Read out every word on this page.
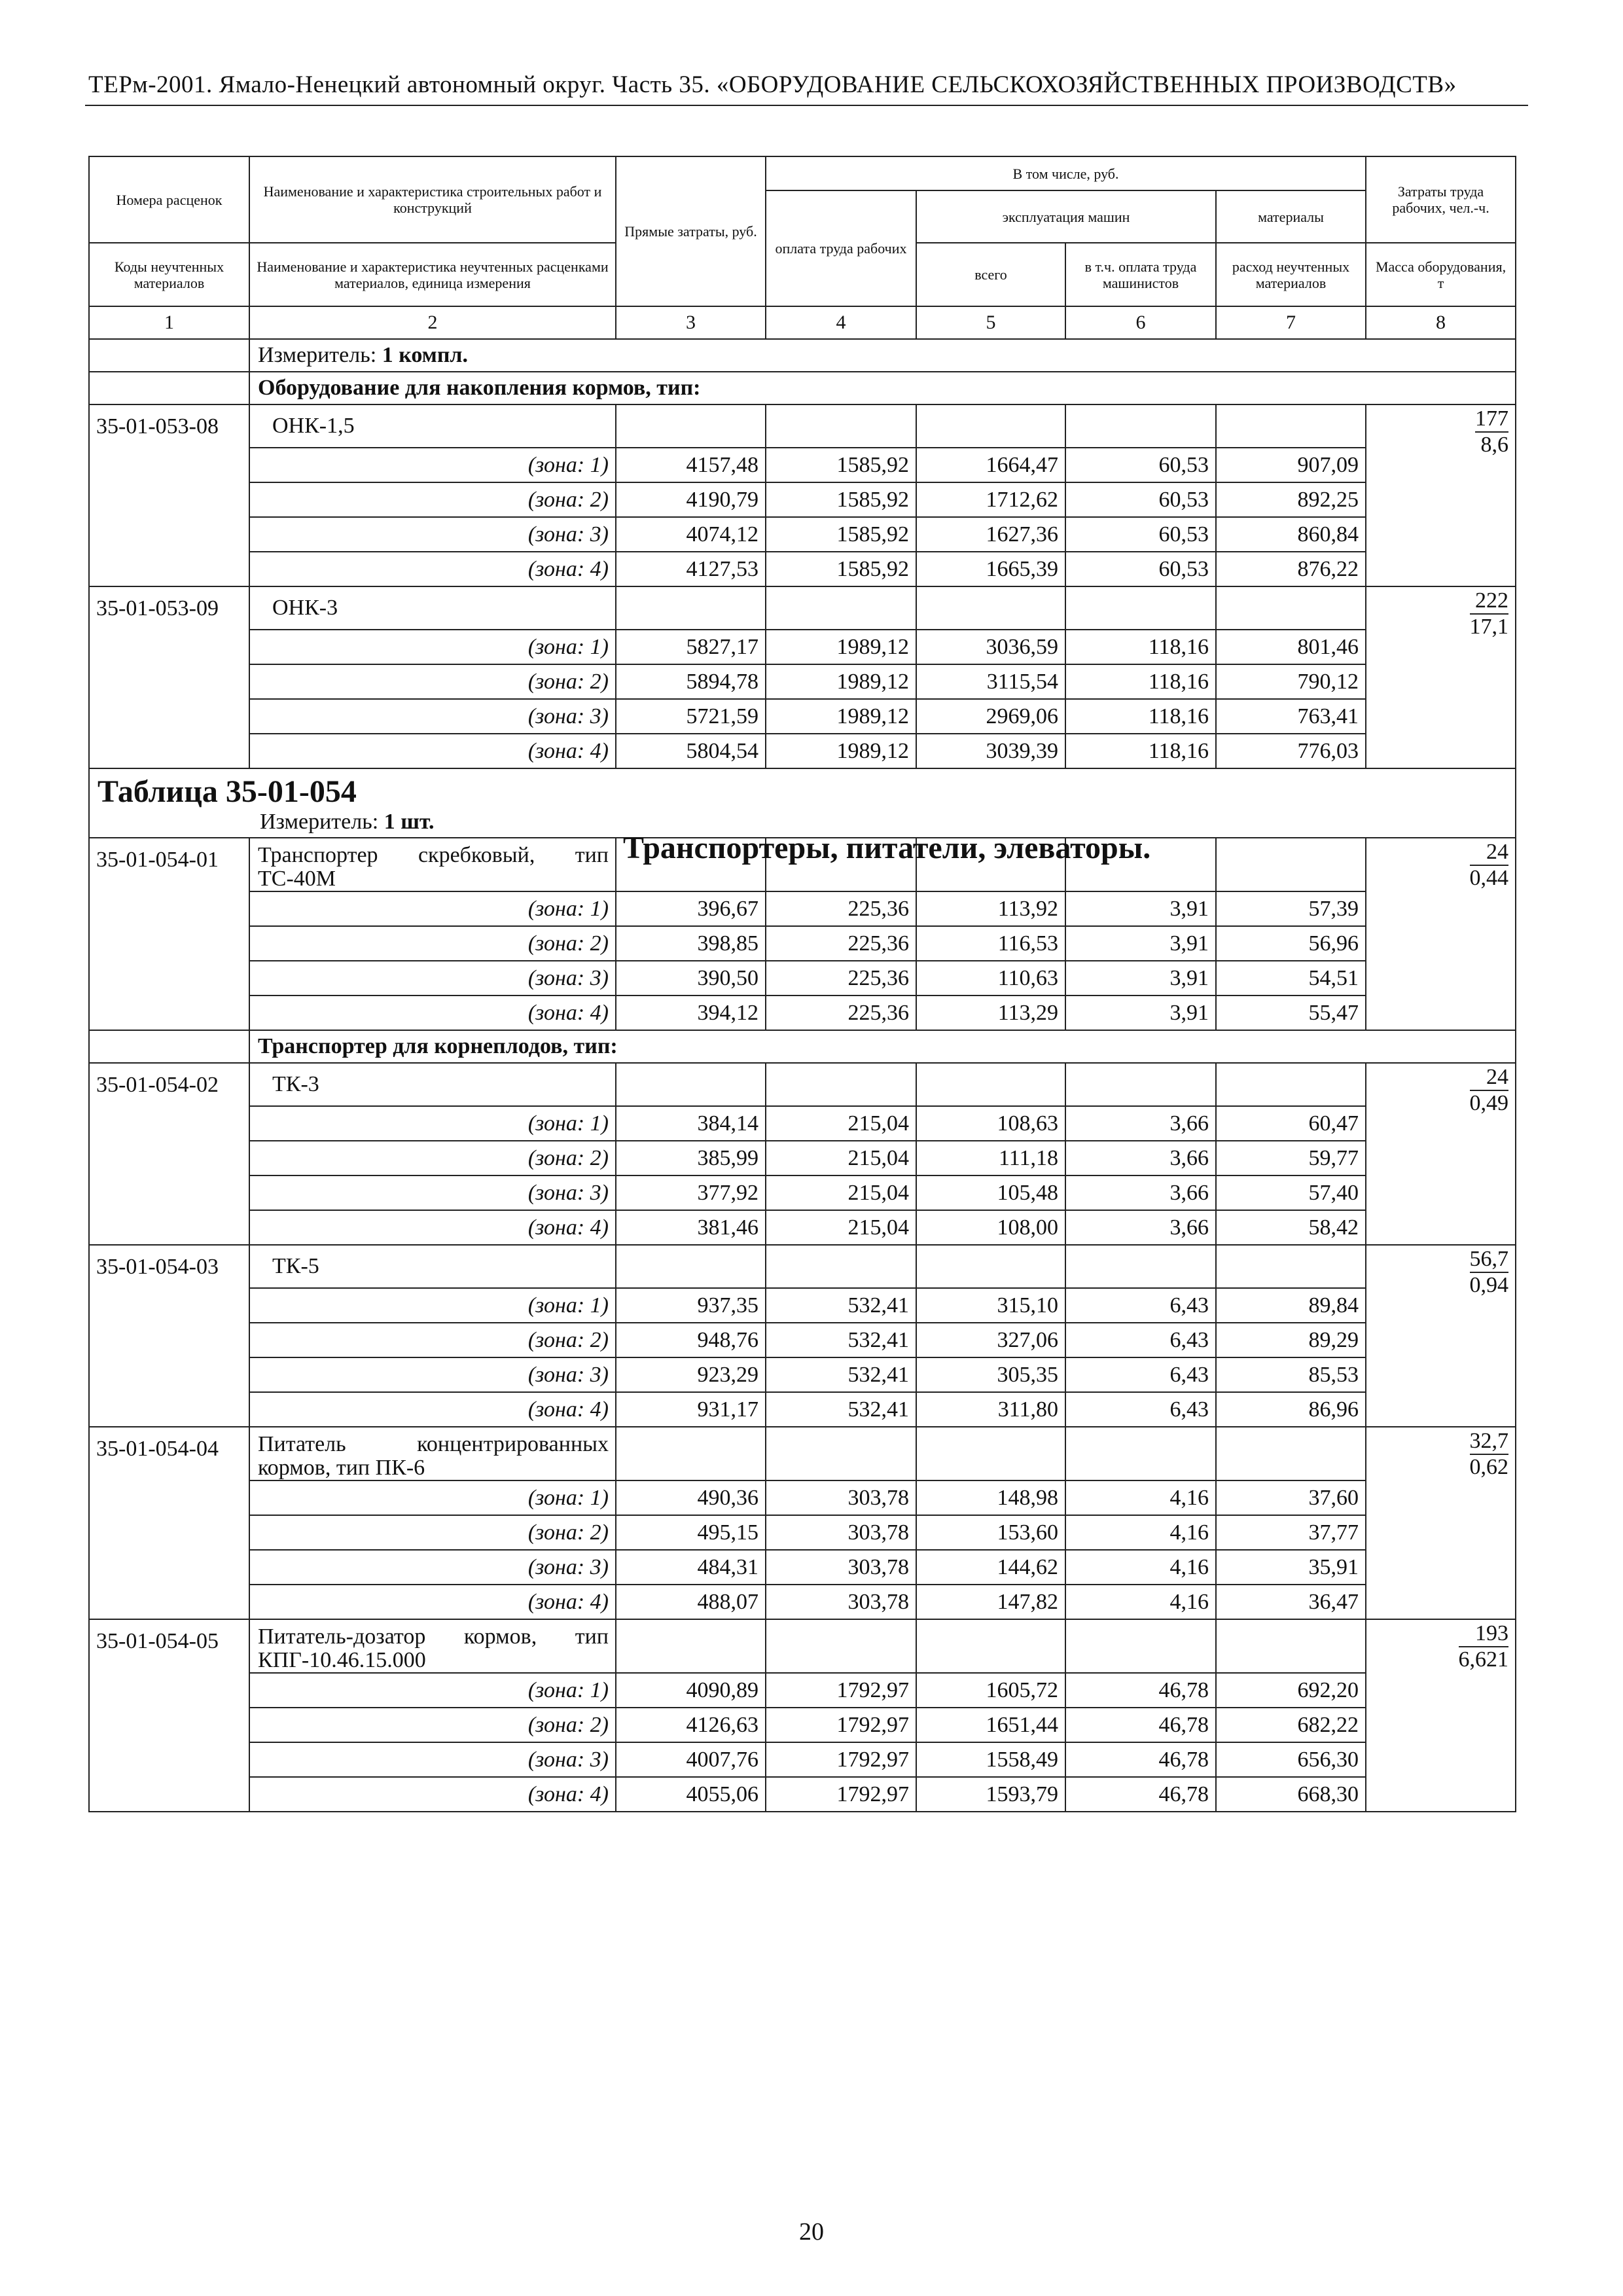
ТЕРм-2001. Ямало-Ненецкий автономный округ. Часть 35. «ОБОРУДОВАНИЕ СЕЛЬСКОХОЗЯЙСТВЕННЫХ ПРОИЗВОДСТВ»
Номера расценок	Наименование и характеристика строительных работ и конструкций	Прямые затраты, руб.	В том числе, руб.				Затраты труда рабочих, чел.-ч.
			оплата труда рабочих	эксплуатация машин		материалы	
Коды неучтенных материалов	Наименование и характеристика неучтенных расценками материалов, единица измерения			всего	в т.ч. оплата труда машинистов	расход неучтенных материалов	Масса оборудования, т
1	2	3	4	5	6	7	8
	Измеритель: 1 компл.						
	Оборудование для накопления кормов, тип:						
35-01-053-08	ОНК-1,5						$\frac{177}{8,6}$

	(зона: 1)	4157,48	1585,92	1664,47	60,53	907,09	
	(зона: 2)	4190,79	1585,92	1712,62	60,53	892,25	
	(зона: 3)	4074,12	1585,92	1627,36	60,53	860,84	
	(зона: 4)	4127,53	1585,92	1665,39	60,53	876,22	
35-01-053-09	ОНК-3						$\frac{222}{17,1}$

	(зона: 1)	5827,17	1989,12	3036,59	118,16	801,46	
	(зона: 2)	5894,78	1989,12	3115,54	118,16	790,12	
	(зона: 3)	5721,59	1989,12	2969,06	118,16	763,41	
	(зона: 4)	5804,54	1989,12	3039,39	118,16	776,03	

Таблица 35-01-054
Измеритель: 1 шт.							

35-01-054-01	Транспортер скребковый, тип ТС-40М						$\frac{24}{0,44}$

	(зона: 1)	396,67	225,36	113,92	3,91	57,39	
	(зона: 2)	398,85	225,36	116,53	3,91	56,96	
	(зона: 3)	390,50	225,36	110,63	3,91	54,51	
	(зона: 4)	394,12	225,36	113,29	3,91	55,47	
	Транспортер для корнеплодов, тип:						
35-01-054-02	ТК-3						$\frac{24}{0,49}$

	(зона: 1)	384,14	215,04	108,63	3,66	60,47	
	(зона: 2)	385,99	215,04	111,18	3,66	59,77	
	(зона: 3)	377,92	215,04	105,48	3,66	57,40	
	(зона: 4)	381,46	215,04	108,00	3,66	58,42	
35-01-054-03	ТК-5						$\frac{56,7}{0,94}$

	(зона: 1)	937,35	532,41	315,10	6,43	89,84	
	(зона: 2)	948,76	532,41	327,06	6,43	89,29	
	(зона: 3)	923,29	532,41	305,35	6,43	85,53	
	(зона: 4)	931,17	532,41	311,80	6,43	86,96	
35-01-054-04	Питатель концентрированных кормов, тип ПК-6						$\frac{32,7}{0,62}$

	(зона: 1)	490,36	303,78	148,98	4,16	37,60	
	(зона: 2)	495,15	303,78	153,60	4,16	37,77	
	(зона: 3)	484,31	303,78	144,62	4,16	35,91	
	(зона: 4)	488,07	303,78	147,82	4,16	36,47	
35-01-054-05	Питатель-дозатор кормов, тип КПГ-10.46.15.000						$\frac{193}{6,621}$

	(зона: 1)	4090,89	1792,97	1605,72	46,78	692,20	
	(зона: 2)	4126,63	1792,97	1651,44	46,78	682,22	
	(зона: 3)	4007,76	1792,97	1558,49	46,78	656,30	
	(зона: 4)	4055,06	1792,97	1593,79	46,78	668,30	
Транспортеры, питатели, элеваторы.
20
